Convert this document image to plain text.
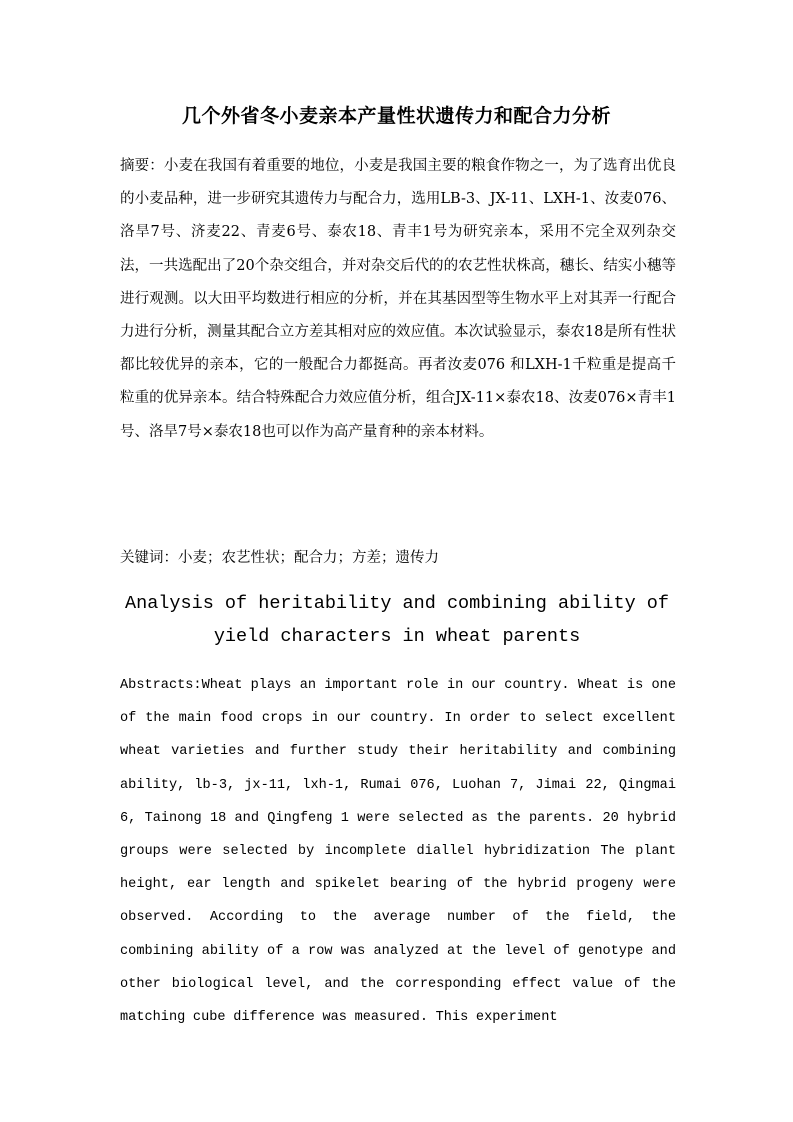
几个外省冬小麦亲本产量性状遗传力和配合力分析

摘要：小麦在我国有着重要的地位，小麦是我国主要的粮食作物之一，为了选育出优良的小麦品种，进一步研究其遗传力与配合力，选用LB-3、JX-11、LXH-1、汝麦076、洛旱7号、济麦22、青麦6号、泰农18、青丰1号为研究亲本，采用不完全双列杂交法，一共选配出了20个杂交组合，并对杂交后代的的农艺性状株高，穗长、结实小穗等进行观测。以大田平均数进行相应的分析，并在其基因型等生物水平上对其弄一行配合力进行分析，测量其配合立方差其相对应的效应值。本次试验显示，泰农18是所有性状都比较优异的亲本，它的一般配合力都挺高。再者汝麦076 和LXH-1千粒重是提高千粒重的优异亲本。结合特殊配合力效应值分析，组合JX-11×泰农18、汝麦076×青丰1号、洛旱7号×泰农18也可以作为高产量育种的亲本材料。

关键词：小麦；农艺性状；配合力；方差；遗传力

Analysis of heritability and combining ability of yield characters in wheat parents

Abstracts:Wheat plays an important role in our country. Wheat is one of the main food crops in our country. In order to select excellent wheat varieties and further study their heritability and combining ability, lb-3, jx-11, lxh-1, Rumai 076, Luohan 7, Jimai 22, Qingmai 6, Tainong 18 and Qingfeng 1 were selected as the parents. 20 hybrid groups were selected by incomplete diallel hybridization The plant height, ear length and spikelet bearing of the hybrid progeny were observed. According to the average number of the field, the combining ability of a row was analyzed at the level of genotype and other biological level, and the corresponding effect value of the matching cube difference was measured. This experiment
